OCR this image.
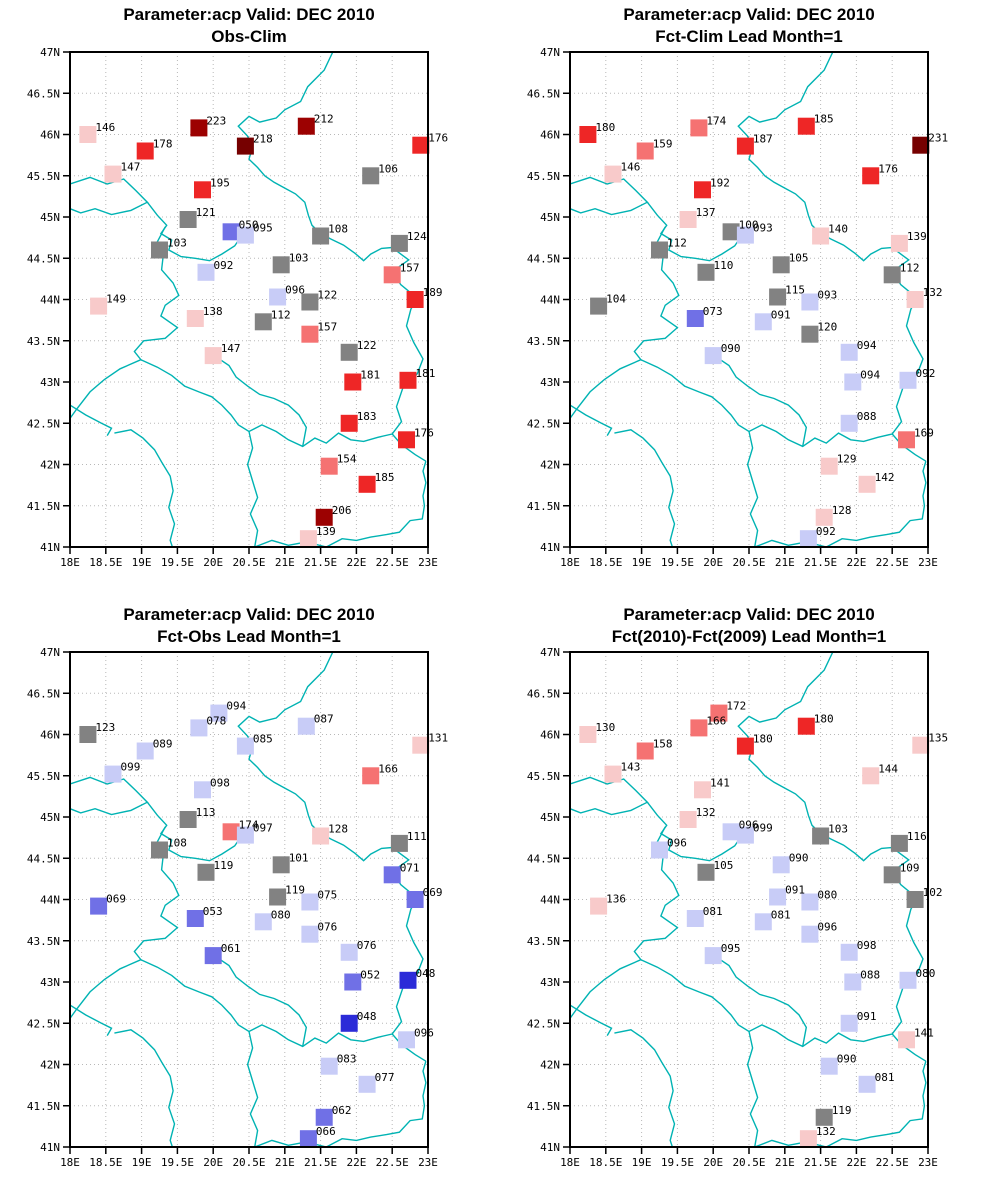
18E 18.5E 19E 19.5E 20E 20.5E 21E 21.5E 22E 22.5E 23E
47N
46.5N
46N
45.5N
45N
44.5N
44N
43.5N
43N
42.5N
42N
41.5N
41N
146
178
223
218
212
176
147
195
106
121
050
095	108
103
124
092
103
157
149
096 122	189
138	112
157
147	122
181	181
183
176
154
185
206
139
Parameter:acp Valid: DEC 2010
Obs-Clim
18E 18.5E 19E 19.5E 20E 20.5E 21E 21.5E 22E 22.5E 23E
47N
46.5N
46N
45.5N
45N
44.5N
44N
43.5N
43N
42.5N
42N
41.5N
41N
180
159
174
187
185
231
146
192
176
137
100
093	140
112
139
110
105
112
104
115 093	132
073	091
120
090	094
094	092
088
169
129
142
128
092
Parameter:acp Valid: DEC 2010
Fct-Clim Lead Month=1
18E 18.5E 19E 19.5E 20E 20.5E 21E 21.5E 22E 22.5E 23E
47N
46.5N
46N
45.5N
45N
44.5N
44N
43.5N
43N
42.5N
42N
41.5N
41N
123
089
078
094
085
087
131
099
098
166
113
174
097	128
108
111
119
101
071
069
119 075	069
053	080
076
061	076
052	048
048
096
083
077
062
066
Parameter:acp Valid: DEC 2010
Fct-Obs Lead Month=1
18E 18.5E 19E 19.5E 20E 20.5E 21E 21.5E 22E 22.5E 23E
47N
46.5N
46N
45.5N
45N
44.5N
44N
43.5N
43N
42.5N
42N
41.5N
41N
130
158
166
172
180
180
135
143
141
144
132
096
099	103
096
116
105
090
109
136
091 080	102
081	081
096
095	098
088	080
091
141
090
081
119
132
Parameter:acp Valid: DEC 2010
Fct(2010)-Fct(2009) Lead Month=1
